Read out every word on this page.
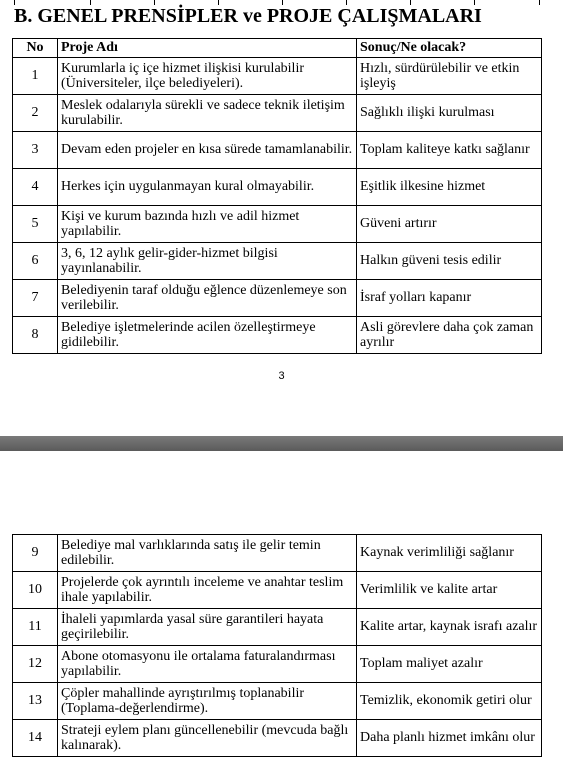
B. GENEL PRENSİPLER ve PROJE ÇALIŞMALARI
No	Proje Adı	Sonuç/Ne olacak?
1	Kurumlarla iç içe hizmet ilişkisi kurulabilir (Üniversiteler, ilçe belediyeleri).	Hızlı, sürdürülebilir ve etkin işleyiş
2	Meslek odalarıyla sürekli ve sadece teknik iletişim kurulabilir.	Sağlıklı ilişki kurulması
3	Devam eden projeler en kısa sürede tamamlanabilir.	Toplam kaliteye katkı sağlanır
4	Herkes için uygulanmayan kural olmayabilir.	Eşitlik ilkesine hizmet
5	Kişi ve kurum bazında hızlı ve adil hizmet yapılabilir.	Güveni artırır
6	3, 6, 12 aylık gelir-gider-hizmet bilgisi yayınlanabilir.	Halkın güveni tesis edilir
7	Belediyenin taraf olduğu eğlence düzenlemeye son verilebilir.	İsraf yolları kapanır
8	Belediye işletmelerinde acilen özelleştirmeye gidilebilir.	Asli görevlere daha çok zaman ayrılır
3
9	Belediye mal varlıklarında satış ile gelir temin edilebilir.	Kaynak verimliliği sağlanır
10	Projelerde çok ayrıntılı inceleme ve anahtar teslim ihale yapılabilir.	Verimlilik ve kalite artar
11	İhaleli yapımlarda yasal süre garantileri hayata geçirilebilir.	Kalite artar, kaynak israfı azalır
12	Abone otomasyonu ile ortalama faturalandırması yapılabilir.	Toplam maliyet azalır
13	Çöpler mahallinde ayrıştırılmış toplanabilir (Toplama-değerlendirme).	Temizlik, ekonomik getiri olur
14	Strateji eylem planı güncellenebilir (mevcuda bağlı kalınarak).	Daha planlı hizmet imkânı olur
